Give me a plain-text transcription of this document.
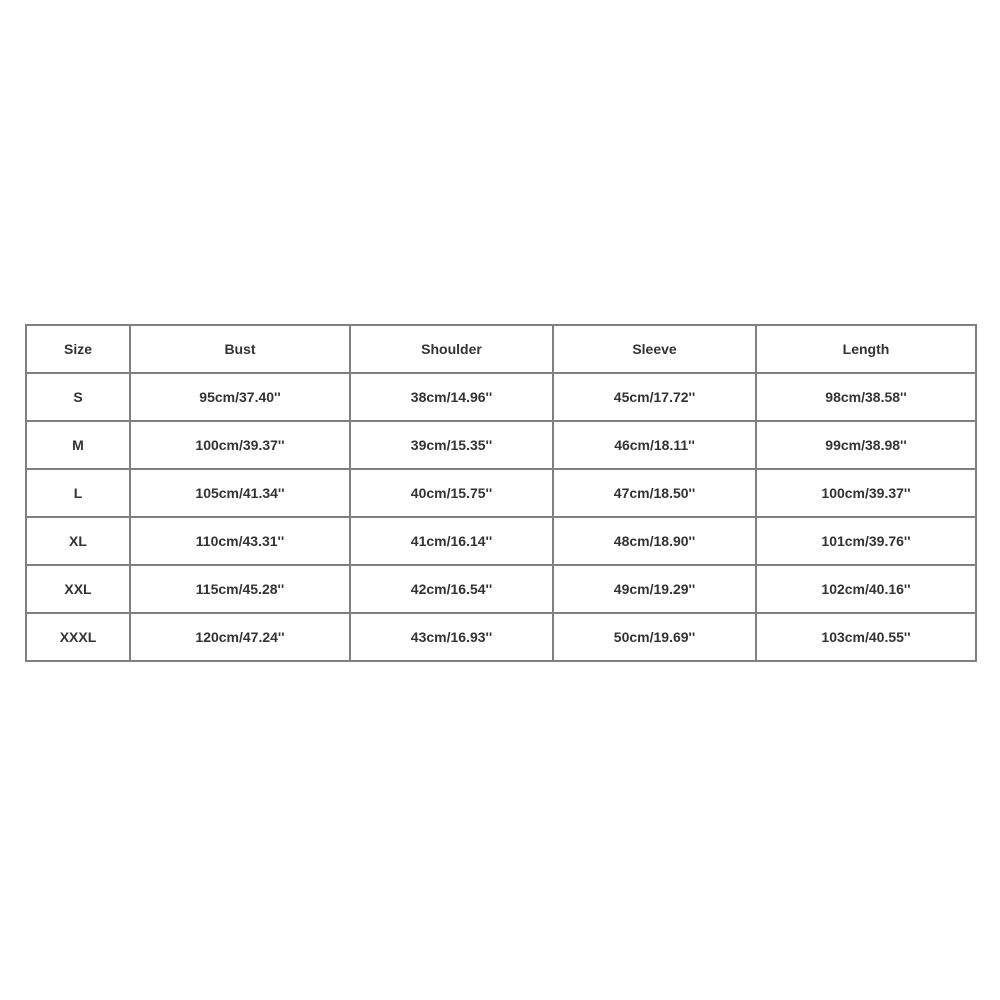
Size	Bust	Shoulder	Sleeve	Length
S	95cm/37.40''	38cm/14.96''	45cm/17.72''	98cm/38.58''
M	100cm/39.37''	39cm/15.35''	46cm/18.11''	99cm/38.98''
L	105cm/41.34''	40cm/15.75''	47cm/18.50''	100cm/39.37''
XL	110cm/43.31''	41cm/16.14''	48cm/18.90''	101cm/39.76''
XXL	115cm/45.28''	42cm/16.54''	49cm/19.29''	102cm/40.16''
XXXL	120cm/47.24''	43cm/16.93''	50cm/19.69''	103cm/40.55''
